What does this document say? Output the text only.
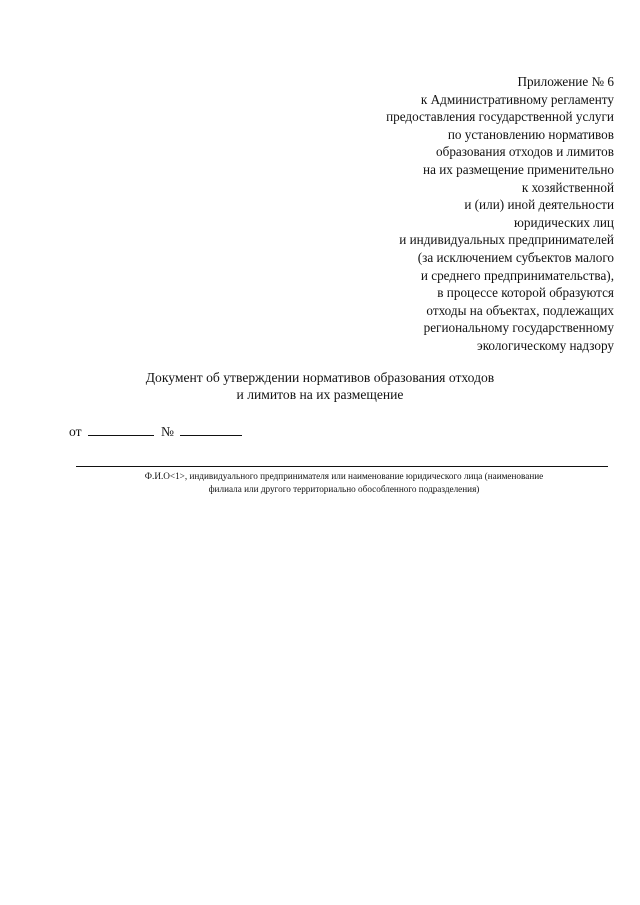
Приложение № 6
к Административному регламенту
предоставления государственной услуги
по установлению нормативов
образования отходов и лимитов
на их размещение применительно
к хозяйственной
и (или) иной деятельности
юридических лиц
и индивидуальных предпринимателей
(за исключением субъектов малого
и среднего предпринимательства),
в процессе которой образуются
отходы на объектах, подлежащих
региональному государственному
экологическому надзору
Документ об утверждении нормативов образования отходов
и лимитов на их размещение
от	№
Ф.И.О<1>, индивидуального предпринимателя или наименование юридического лица (наименование
филиала или другого территориально обособленного подразделения)
